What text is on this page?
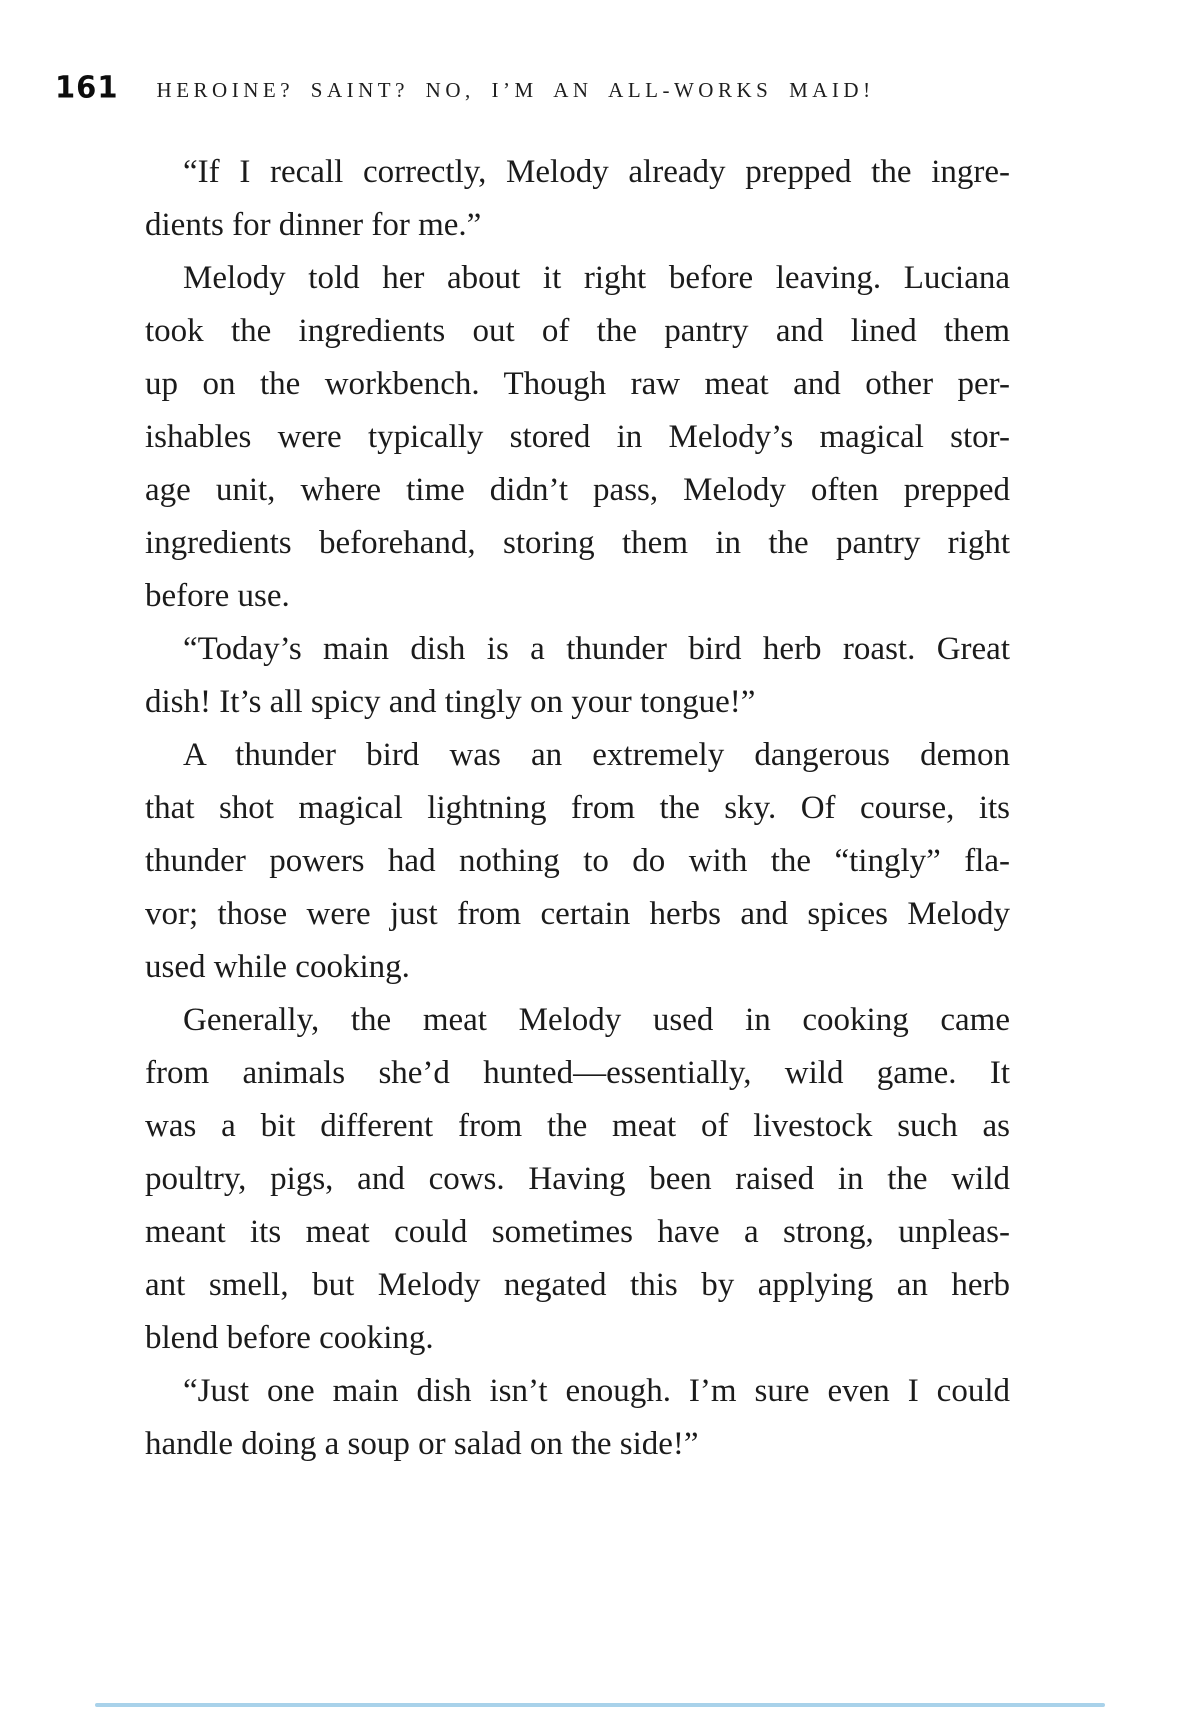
161 HEROINE? SAINT? NO, I’M AN ALL-WORKS MAID!
“If I recall correctly, Melody already prepped the ingre-
dients for dinner for me.”
Melody told her about it right before leaving. Luciana
took the ingredients out of the pantry and lined them
up on the workbench. Though raw meat and other per-
ishables were typically stored in Melody’s magical stor-
age unit, where time didn’t pass, Melody often prepped
ingredients beforehand, storing them in the pantry right
before use.
“Today’s main dish is a thunder bird herb roast. Great
dish! It’s all spicy and tingly on your tongue!”
A thunder bird was an extremely dangerous demon
that shot magical lightning from the sky. Of course, its
thunder powers had nothing to do with the “tingly” fla-
vor; those were just from certain herbs and spices Melody
used while cooking.
Generally, the meat Melody used in cooking came
from animals she’d hunted—essentially, wild game. It
was a bit different from the meat of livestock such as
poultry, pigs, and cows. Having been raised in the wild
meant its meat could sometimes have a strong, unpleas-
ant smell, but Melody negated this by applying an herb
blend before cooking.
“Just one main dish isn’t enough. I’m sure even I could
handle doing a soup or salad on the side!”
